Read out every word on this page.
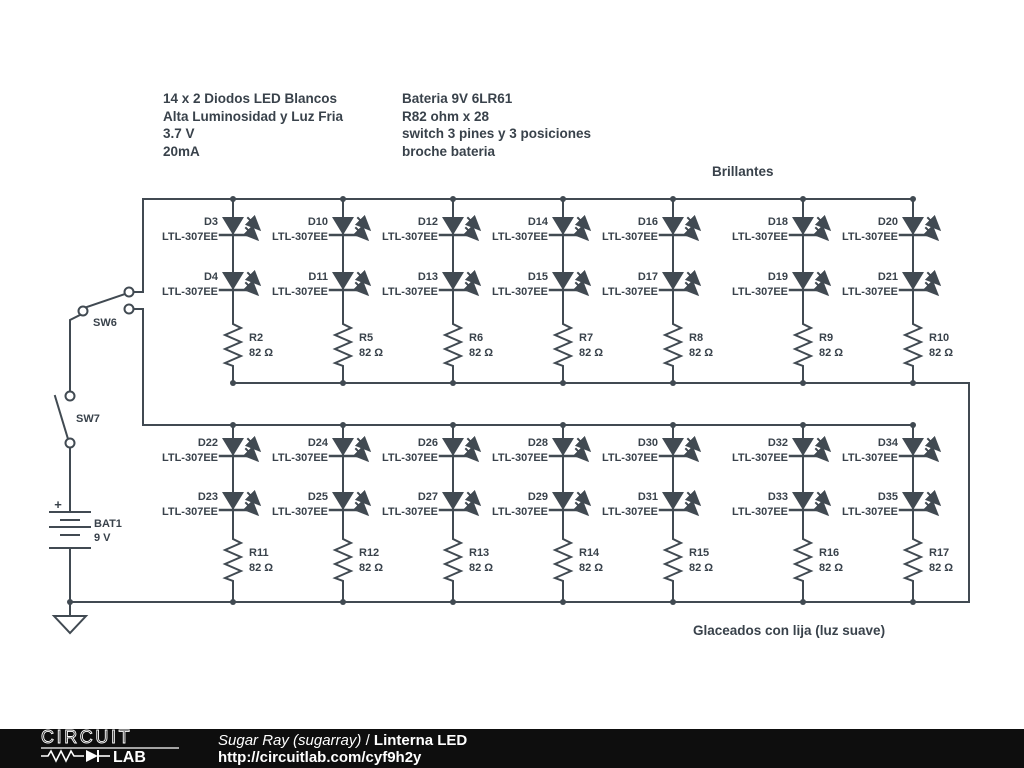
SW6
SW7
+
BAT1
9 V
D3
LTL-307EE
D4
LTL-307EE
R2
82 Ω
D10
LTL-307EE
D11
LTL-307EE
R5
82 Ω
D12
LTL-307EE
D13
LTL-307EE
R6
82 Ω
D14
LTL-307EE
D15
LTL-307EE
R7
82 Ω
D16
LTL-307EE
D17
LTL-307EE
R8
82 Ω
D18
LTL-307EE
D19
LTL-307EE
R9
82 Ω
D20
LTL-307EE
D21
LTL-307EE
R10
82 Ω
D22
LTL-307EE
D23
LTL-307EE
R11
82 Ω
D24
LTL-307EE
D25
LTL-307EE
R12
82 Ω
D26
LTL-307EE
D27
LTL-307EE
R13
82 Ω
D28
LTL-307EE
D29
LTL-307EE
R14
82 Ω
D30
LTL-307EE
D31
LTL-307EE
R15
82 Ω
D32
LTL-307EE
D33
LTL-307EE
R16
82 Ω
D34
LTL-307EE
D35
LTL-307EE
R17
82 Ω
14 x 2 Diodos LED Blancos
Alta Luminosidad y Luz Fria
3.7 V
20mA
Bateria 9V 6LR61
R82 ohm x 28
switch 3 pines y 3 posiciones
broche bateria
Brillantes
Glaceados con lija (luz suave)
CIRCUIT
LAB
Sugar Ray (sugarray) / Linterna LED
http://circuitlab.com/cyf9h2y
